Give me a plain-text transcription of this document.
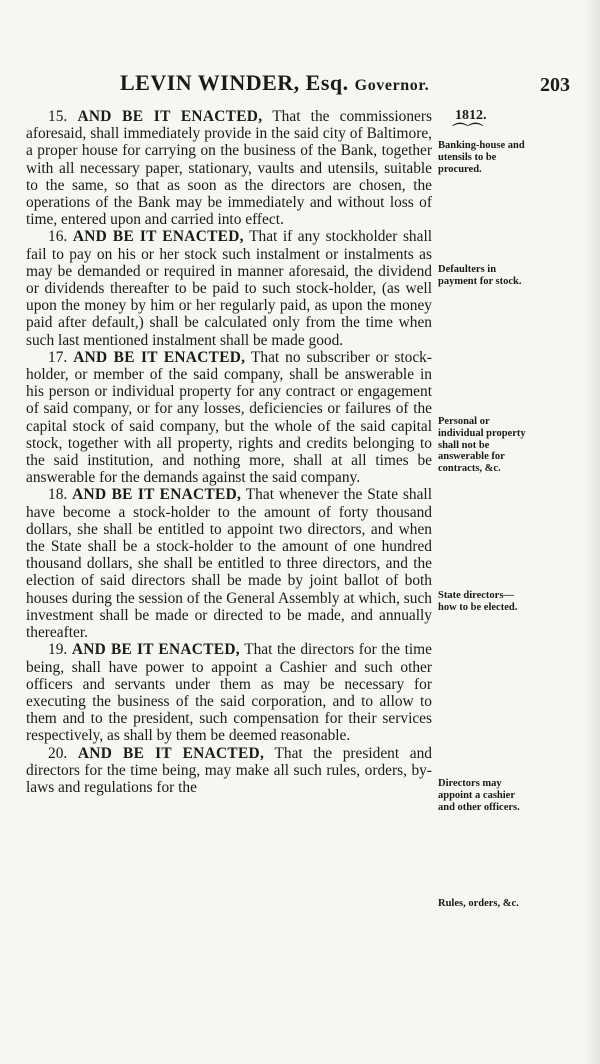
LEVIN WINDER, Esq. Governor.	203
1812.
⏜⏜

15. AND BE IT ENACTED, That the commissioners aforesaid, shall immediately provide in the said city of Baltimore, a proper house for carrying on the business of the Bank, together with all necessary paper, stationary, vaults and utensils, suitable to the same, so that as soon as the directors are chosen, the operations of the Bank may be immediately and without loss of time, entered upon and carried into effect.

16. AND BE IT ENACTED, That if any stockholder shall fail to pay on his or her stock such instalment or instalments as may be demanded or required in manner aforesaid, the dividend or dividends thereafter to be paid to such stock-holder, (as well upon the money by him or her regularly paid, as upon the money paid after default,) shall be calculated only from the time when such last mentioned instalment shall be made good.

17. AND BE IT ENACTED, That no subscriber or stock-holder, or member of the said company, shall be answerable in his person or individual property for any contract or engagement of said company, or for any losses, deficiencies or failures of the capital stock of said company, but the whole of the said capital stock, together with all property, rights and credits belonging to the said institution, and nothing more, shall at all times be answerable for the demands against the said company.

18. AND BE IT ENACTED, That whenever the State shall have become a stock-holder to the amount of forty thousand dollars, she shall be entitled to appoint two directors, and when the State shall be a stock-holder to the amount of one hundred thousand dollars, she shall be entitled to three directors, and the election of said directors shall be made by joint ballot of both houses during the session of the General Assembly at which, such investment shall be made or directed to be made, and annually thereafter.

19. AND BE IT ENACTED, That the directors for the time being, shall have power to appoint a Cashier and such other officers and servants under them as may be necessary for executing the business of the said corporation, and to allow to them and to the president, such compensation for their services respectively, as shall by them be deemed reasonable.

20. AND BE IT ENACTED, That the president and directors for the time being, may make all such rules, orders, by-laws and regulations for the

Banking-house and utensils to be procured.
Defaulters in payment for stock.
Personal or individual property shall not be answerable for contracts, &c.
State directors—how to be elected.
Directors may appoint a cashier and other officers.
Rules, orders, &c.
